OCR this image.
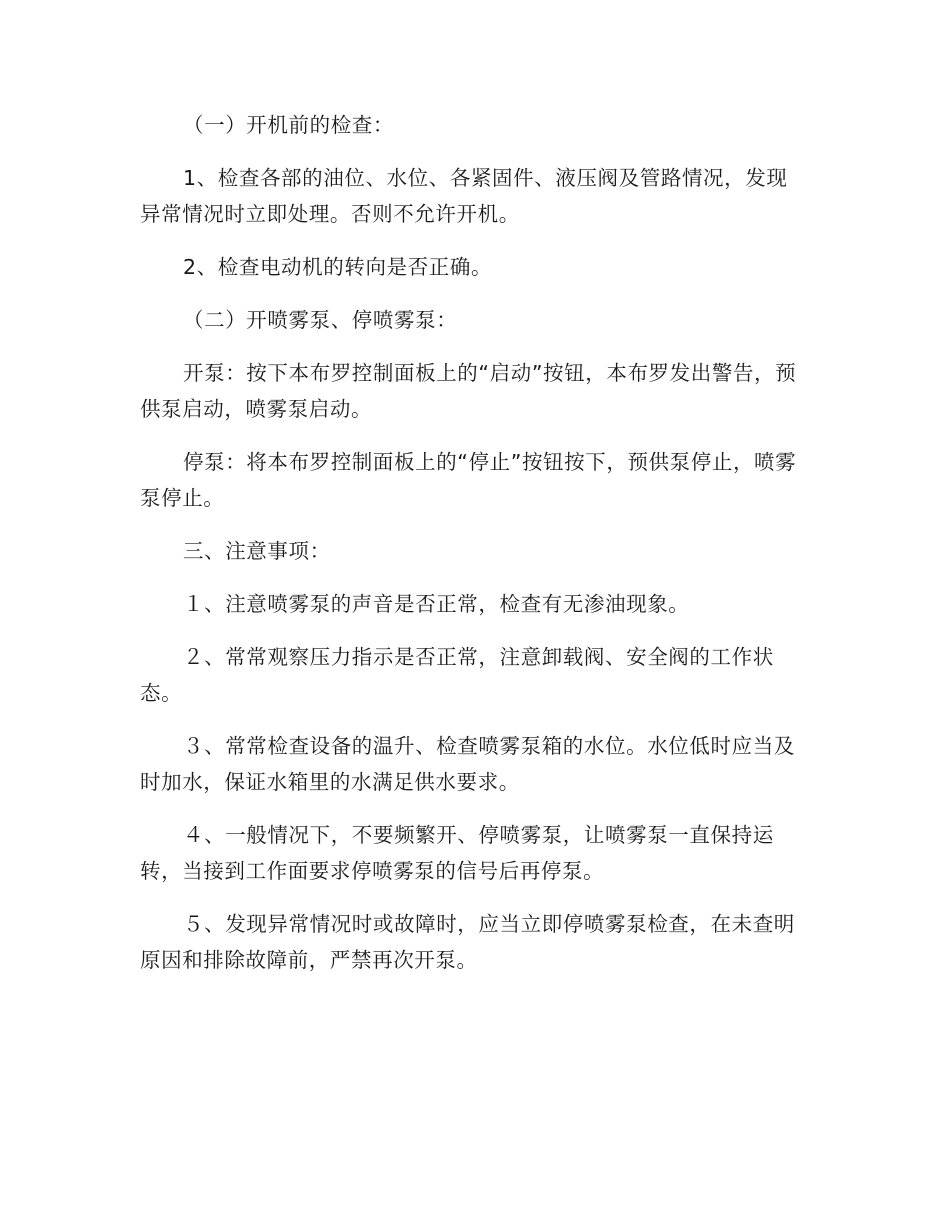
（一）开机前的检查：

1、检查各部的油位、水位、各紧固件、液压阀及管路情况，发现异常情况时立即处理。否则不允许开机。

2、检查电动机的转向是否正确。

（二）开喷雾泵、停喷雾泵：

开泵：按下本布罗控制面板上的“启动”按钮，本布罗发出警告，预供泵启动，喷雾泵启动。

停泵：将本布罗控制面板上的“停止”按钮按下，预供泵停止，喷雾泵停止。

三、注意事项：

１、注意喷雾泵的声音是否正常，检查有无渗油现象。

２、常常观察压力指示是否正常，注意卸载阀、安全阀的工作状态。

３、常常检查设备的温升、检查喷雾泵箱的水位。水位低时应当及时加水，保证水箱里的水满足供水要求。

４、一般情况下，不要频繁开、停喷雾泵，让喷雾泵一直保持运转，当接到工作面要求停喷雾泵的信号后再停泵。

５、发现异常情况时或故障时，应当立即停喷雾泵检查，在未查明原因和排除故障前，严禁再次开泵。
